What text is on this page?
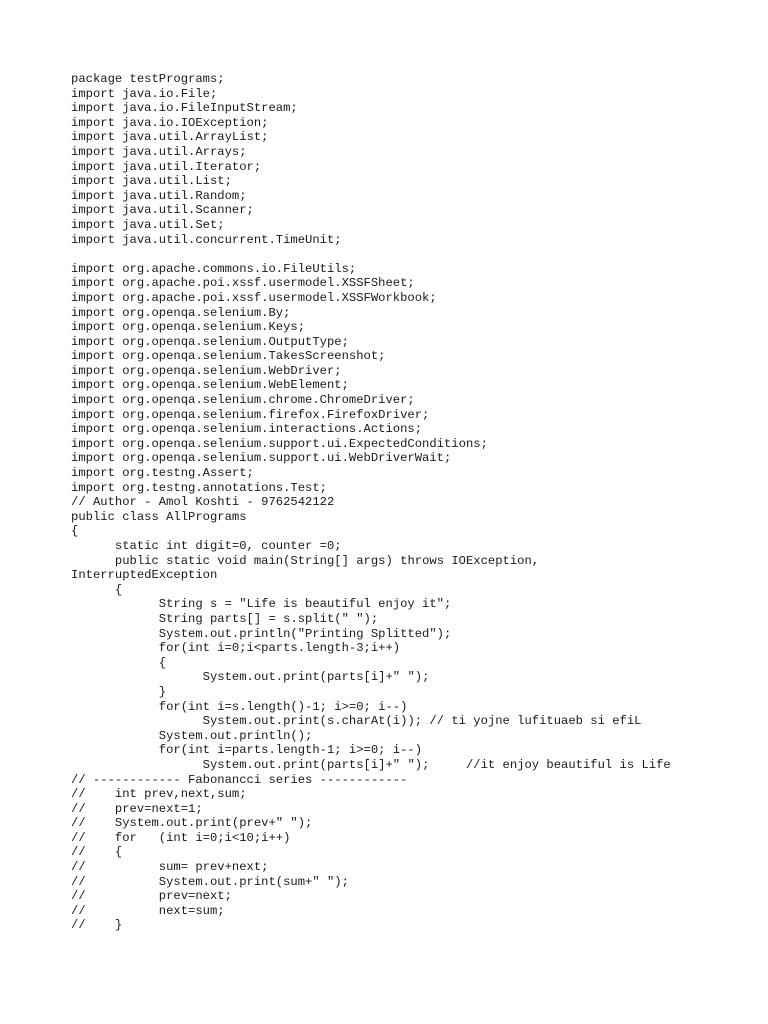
package testPrograms;
import java.io.File;
import java.io.FileInputStream;
import java.io.IOException;
import java.util.ArrayList;
import java.util.Arrays;
import java.util.Iterator;
import java.util.List;
import java.util.Random;
import java.util.Scanner;
import java.util.Set;
import java.util.concurrent.TimeUnit;
import org.apache.commons.io.FileUtils;
import org.apache.poi.xssf.usermodel.XSSFSheet;
import org.apache.poi.xssf.usermodel.XSSFWorkbook;
import org.openqa.selenium.By;
import org.openqa.selenium.Keys;
import org.openqa.selenium.OutputType;
import org.openqa.selenium.TakesScreenshot;
import org.openqa.selenium.WebDriver;
import org.openqa.selenium.WebElement;
import org.openqa.selenium.chrome.ChromeDriver;
import org.openqa.selenium.firefox.FirefoxDriver;
import org.openqa.selenium.interactions.Actions;
import org.openqa.selenium.support.ui.ExpectedConditions;
import org.openqa.selenium.support.ui.WebDriverWait;
import org.testng.Assert;
import org.testng.annotations.Test;
// Author - Amol Koshti - 9762542122
public class AllPrograms
{
	static int digit=0, counter =0;
	public static void main(String[] args) throws IOException,
InterruptedException
	{
		String s = "Life is beautiful enjoy it";
		String parts[] = s.split(" ");
		System.out.println("Printing Splitted");
		for(int i=0;i<parts.length-3;i++)
		{
			System.out.print(parts[i]+" ");
		}
		for(int i=s.length()-1; i>=0; i--)
			System.out.print(s.charAt(i)); // ti yojne lufituaeb si efiL
		System.out.println();
		for(int i=parts.length-1; i>=0; i--)
			System.out.print(parts[i]+" ");	//it enjoy beautiful is Life
// ------------ Fabonancci series ------------
//	int prev,next,sum;
//	prev=next=1;
//	System.out.print(prev+" ");
//	for   (int i=0;i<10;i++)
//	{
//		sum= prev+next;
//		System.out.print(sum+" ");
//		prev=next;
//		next=sum;
//	}
